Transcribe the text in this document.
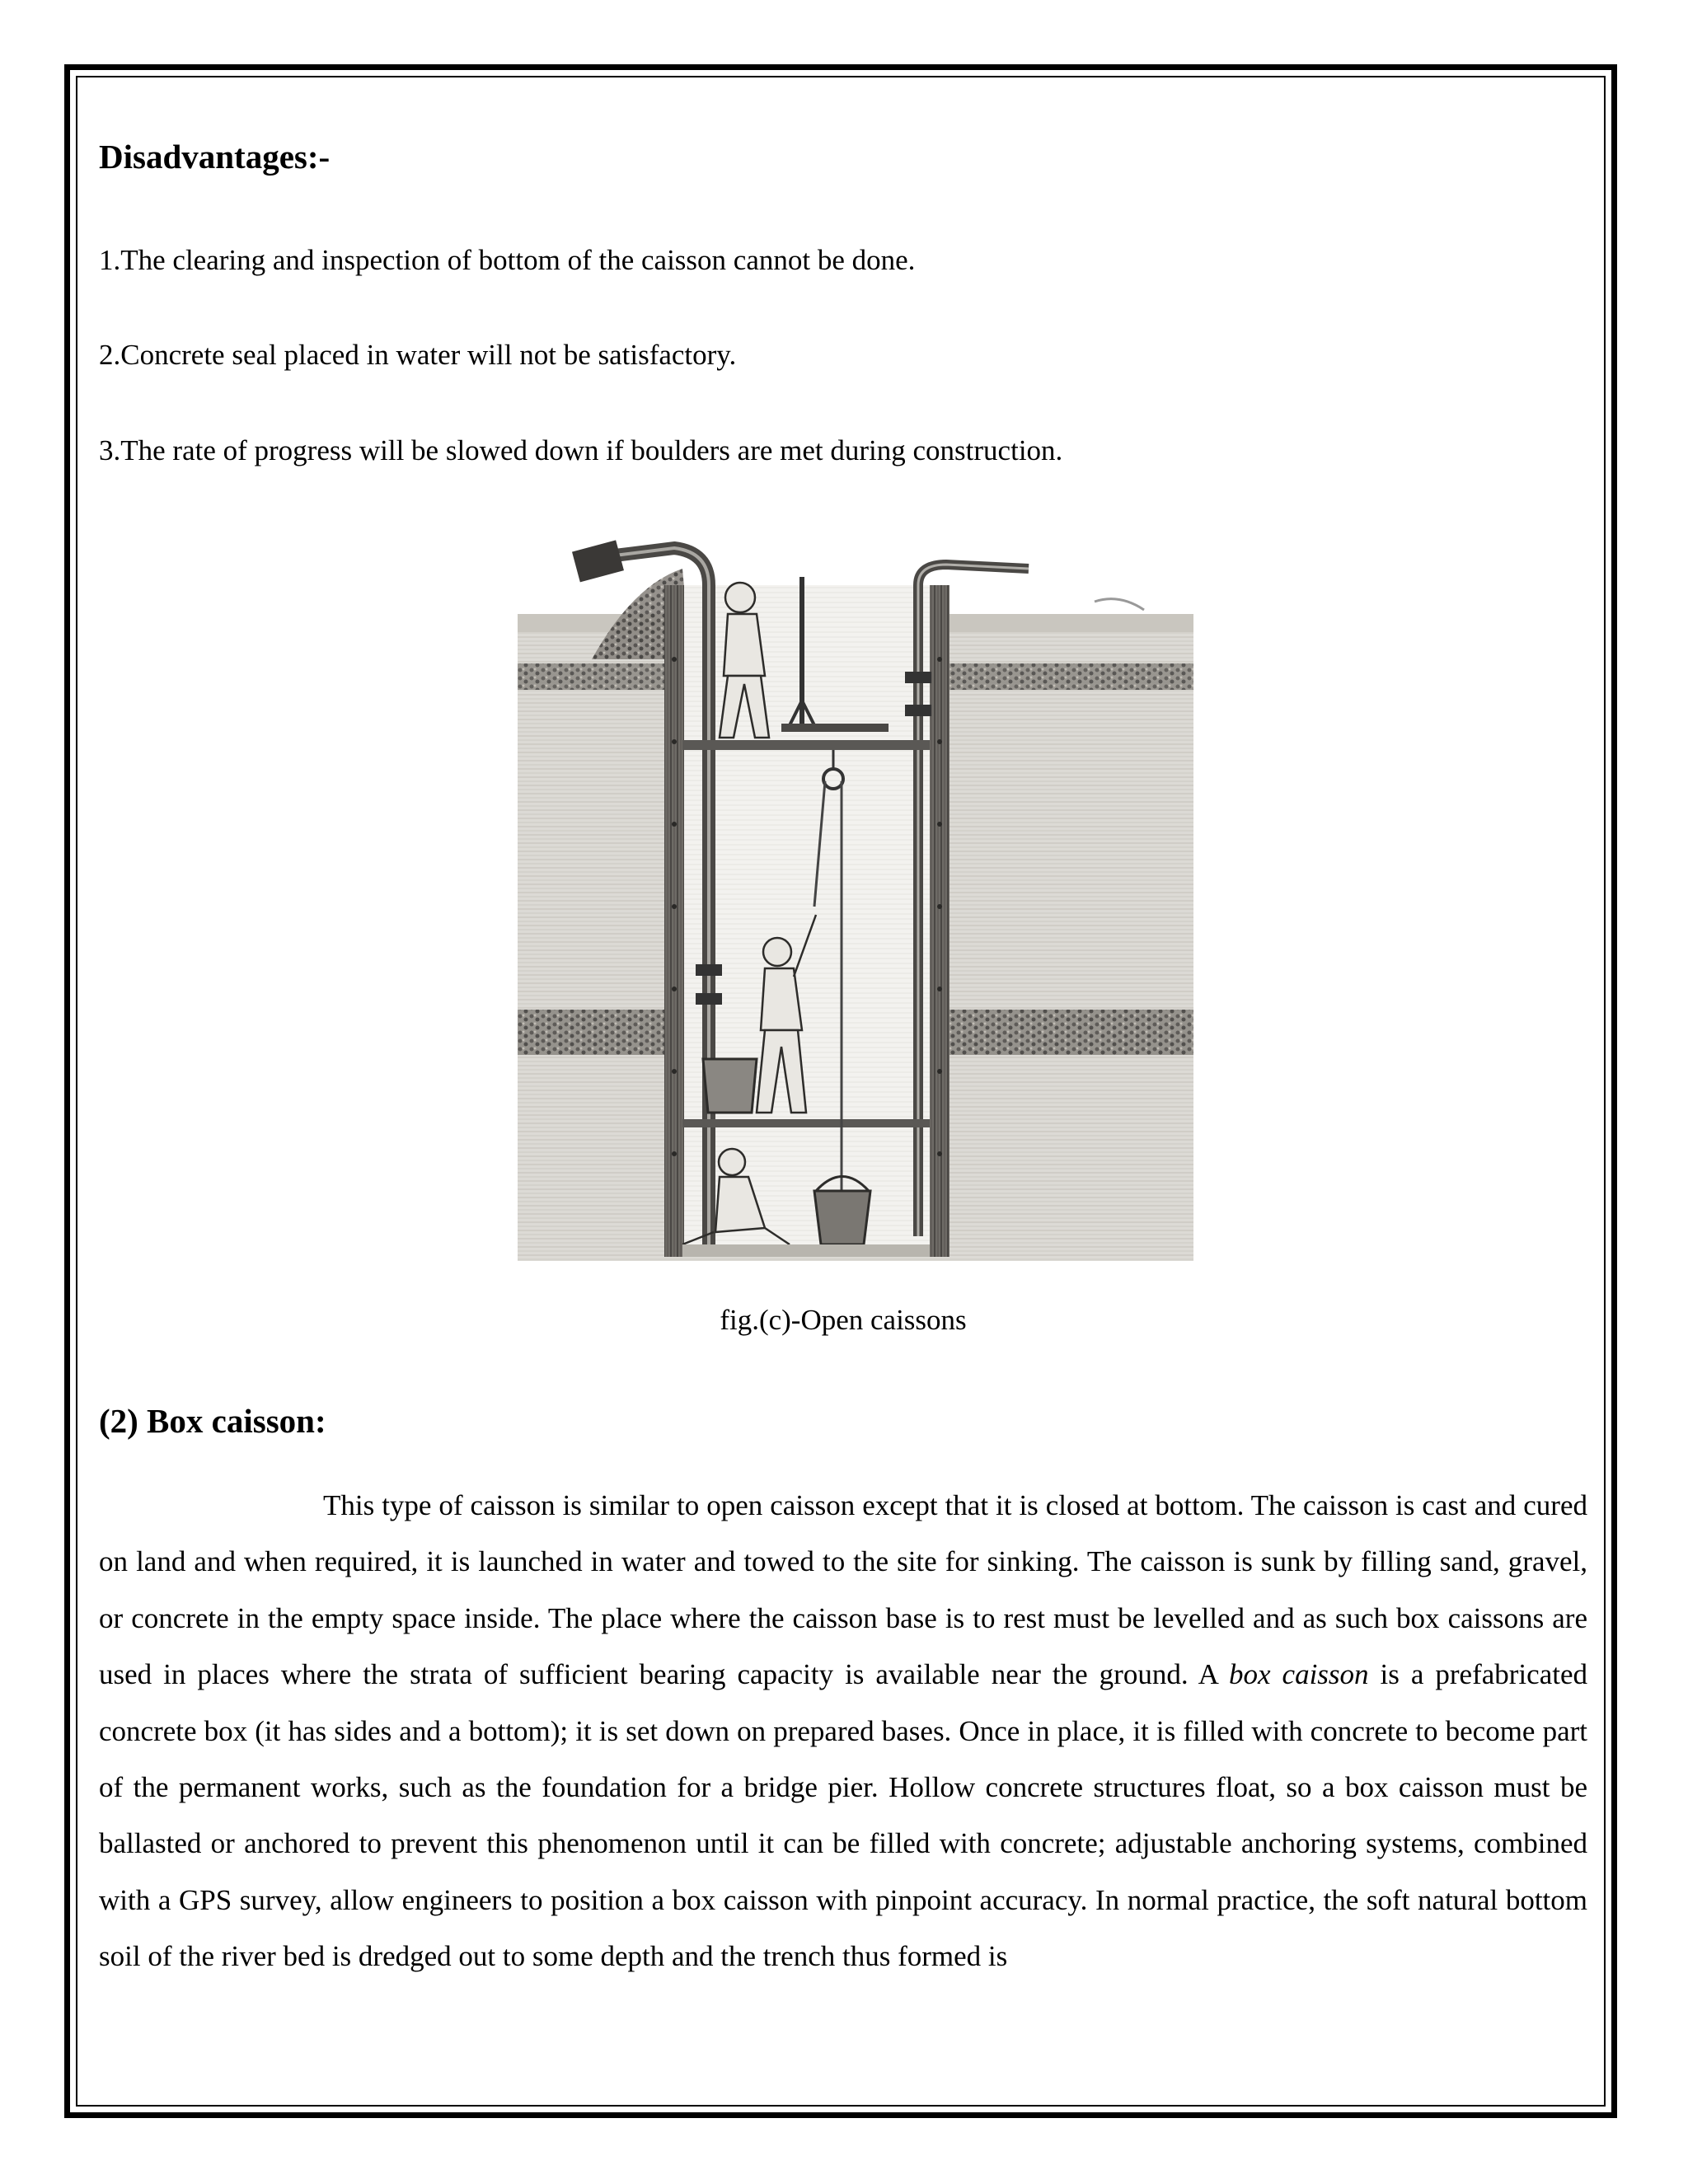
Disadvantages:-
1.The clearing and inspection of bottom of the caisson cannot be done.
2.Concrete seal placed in water will not be satisfactory.
3.The rate of progress will be slowed down if boulders are met during construction.
fig.(c)-Open caissons
(2) Box caisson:

This type of caisson is similar to open caisson except that it is closed at bottom. The caisson is cast and cured on land and when required, it is launched in water and towed to the site for sinking. The caisson is sunk by filling sand, gravel, or concrete in the empty space inside. The place where the caisson base is to rest must be levelled and as such box caissons are used in places where the strata of sufficient bearing capacity is available near the ground. A box caisson is a prefabricated concrete box (it has sides and a bottom); it is set down on prepared bases. Once in place, it is filled with concrete to become part of the permanent works, such as the foundation for a bridge pier. Hollow concrete structures float, so a box caisson must be ballasted or anchored to prevent this phenomenon until it can be filled with concrete; adjustable anchoring systems, combined with a GPS survey, allow engineers to position a box caisson with pinpoint accuracy. In normal practice, the soft natural bottom soil of the river bed is dredged out to some depth and the trench thus formed is
